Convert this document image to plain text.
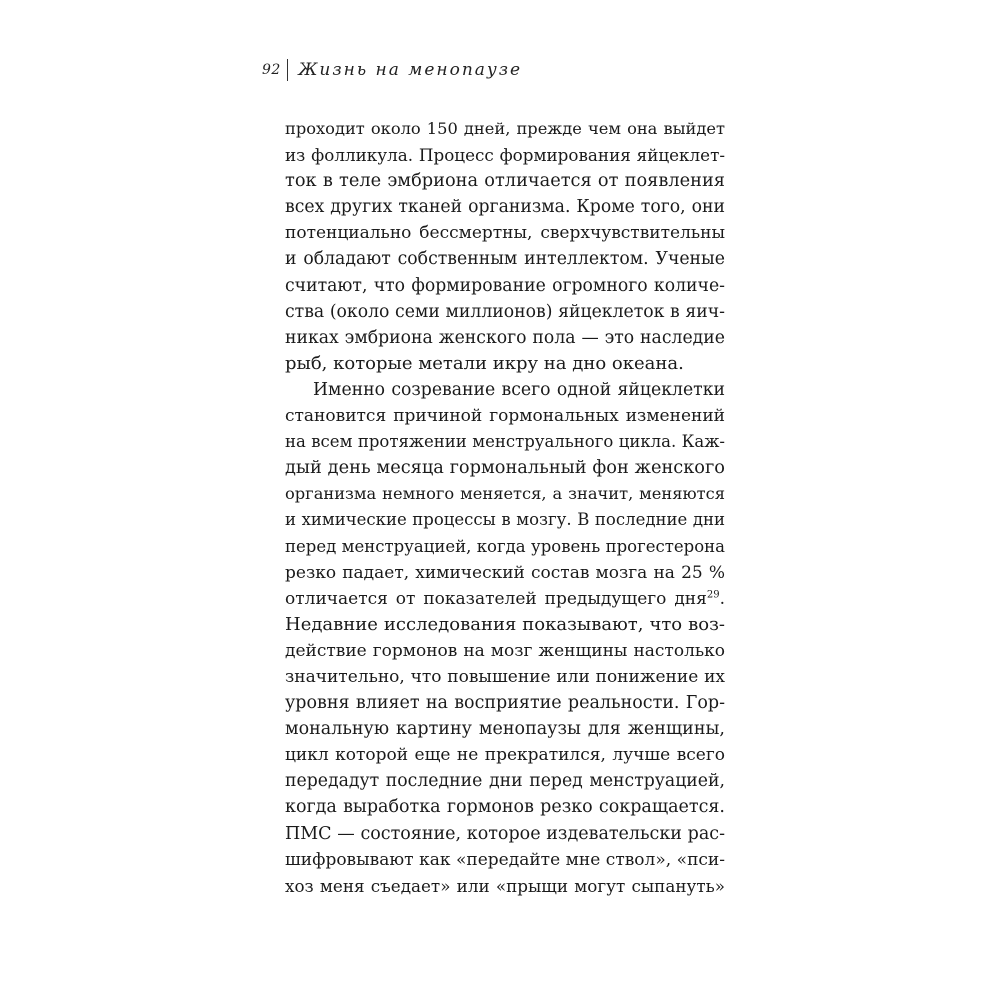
92 Жизнь на менопаузе
проходит около 150 дней, прежде чем она выйдет
из фолликула. Процесс формирования яйцеклет-
ток в теле эмбриона отличается от появления
всех других тканей организма. Кроме того, они
потенциально бессмертны, сверхчувствительны
и обладают собственным интеллектом. Ученые
считают, что формирование огромного количе-
ства (около семи миллионов) яйцеклеток в яич-
никах эмбриона женского пола — это наследие
рыб, которые метали икру на дно океана.
Именно созревание всего одной яйцеклетки
становится причиной гормональных изменений
на всем протяжении менструального цикла. Каж-
дый день месяца гормональный фон женского
организма немного меняется, а значит, меняются
и химические процессы в мозгу. В последние дни
перед менструацией, когда уровень прогестерона
резко падает, химический состав мозга на 25 %
отличается от показателей предыдущего дня$^{29}$.
Недавние исследования показывают, что воз-
действие гормонов на мозг женщины настолько
значительно, что повышение или понижение их
уровня влияет на восприятие реальности. Гор-
мональную картину менопаузы для женщины,
цикл которой еще не прекратился, лучше всего
передадут последние дни перед менструацией,
когда выработка гормонов резко сокращается.
ПМС — состояние, которое издевательски рас-
шифровывают как «передайте мне ствол», «пси-
хоз меня съедает» или «прыщи могут сыпануть»
